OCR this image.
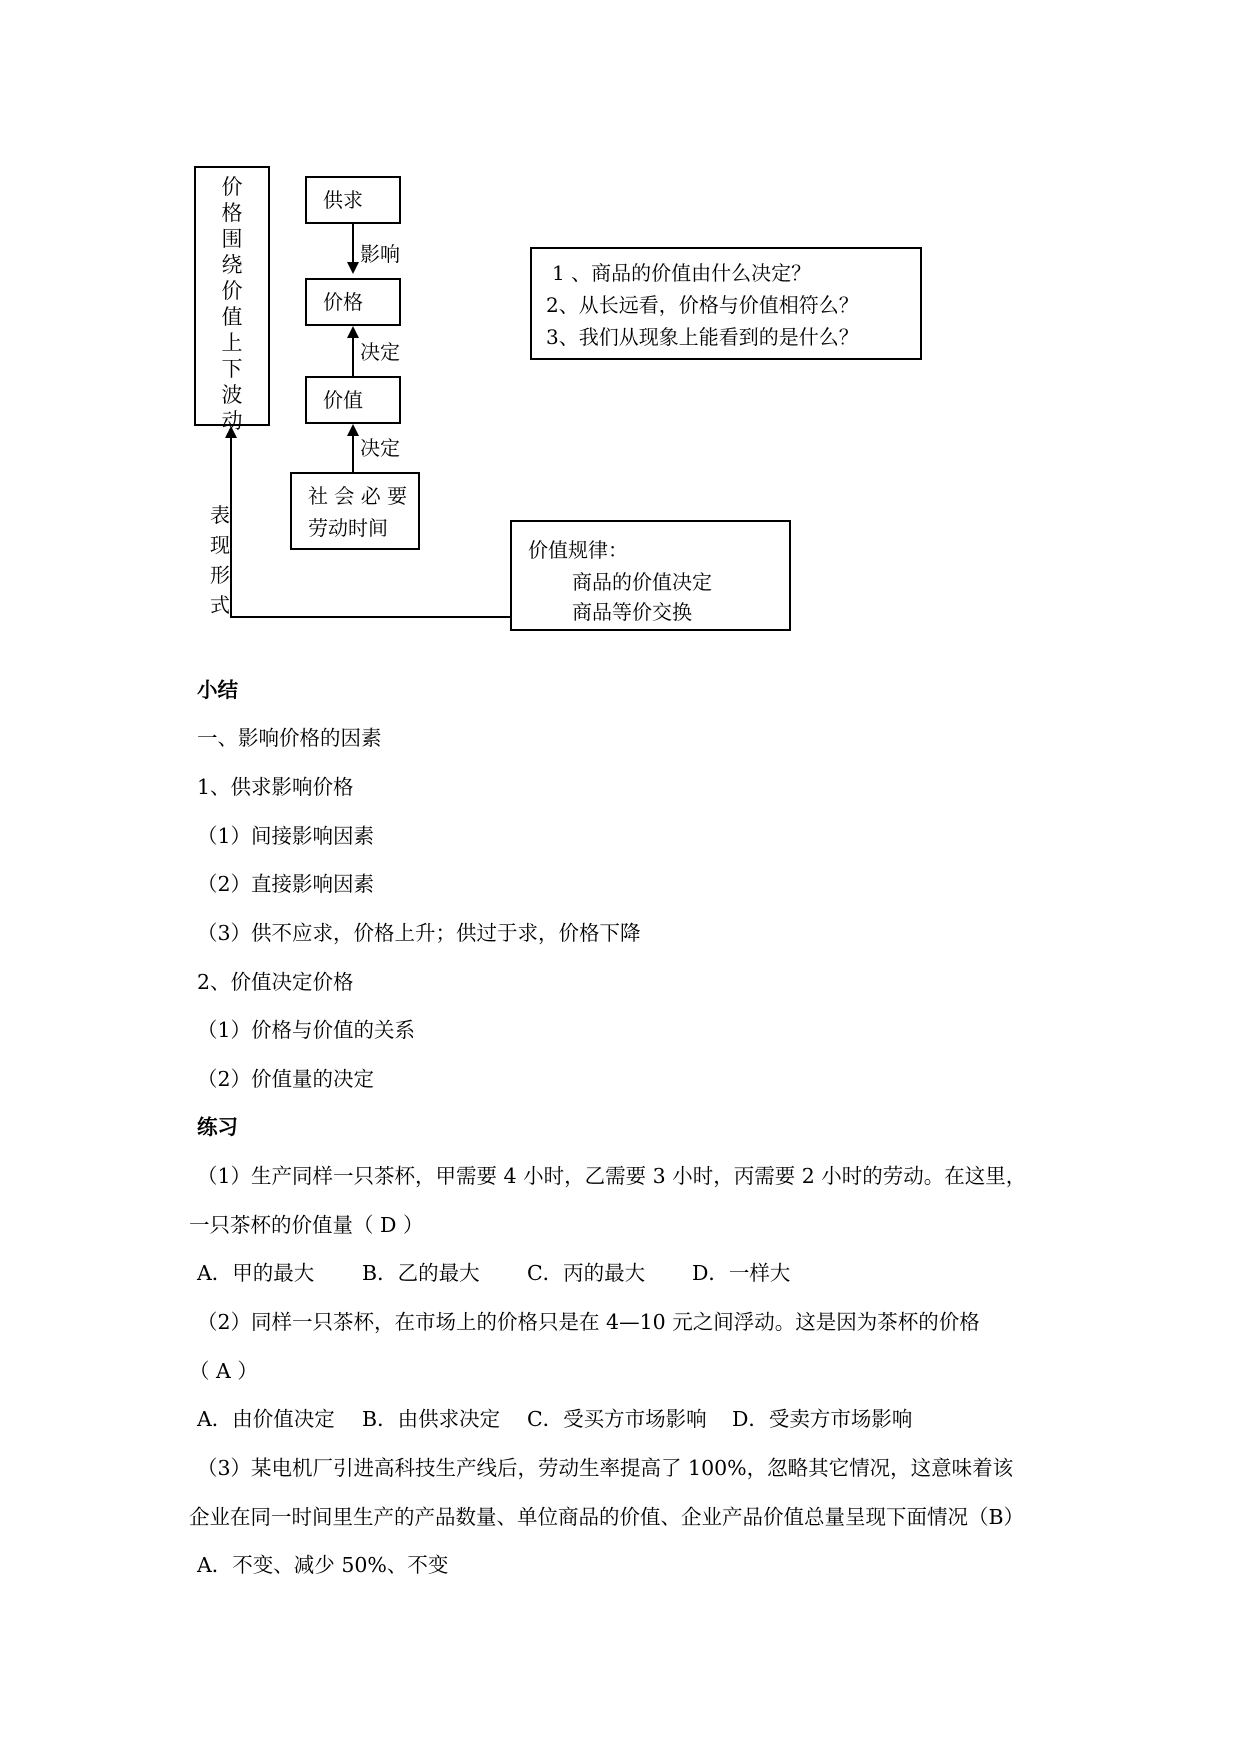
价格围绕价值上下波动
供求
影响
价格
决定
价值
决定
社 会 必 要
劳动时间
1 、商品的价值由什么决定？
2、从长远看，价格与价值相符么？
3、我们从现象上能看到的是什么？
价值规律：
商品的价值决定
商品等价交换
表现形式
小结
一、影响价格的因素
1、供求影响价格
（1）间接影响因素
（2）直接影响因素
（3）供不应求，价格上升；供过于求，价格下降
2、价值决定价格
（1）价格与价值的关系
（2）价值量的决定
练习
（1）生产同样一只茶杯，甲需要 4 小时，乙需要 3 小时，丙需要 2 小时的劳动。在这里，
一只茶杯的价值量（ D ）
A．甲的最大 B．乙的最大 C．丙的最大 D．一样大
（2）同样一只茶杯，在市场上的价格只是在 4—10 元之间浮动。这是因为茶杯的价格
（ A ）
A．由价值决定 B．由供求决定 C．受买方市场影响 D．受卖方市场影响
（3）某电机厂引进高科技生产线后，劳动生率提高了 100%，忽略其它情况，这意味着该
企业在同一时间里生产的产品数量、单位商品的价值、企业产品价值总量呈现下面情况（B）
A．不变、减少 50%、不变
